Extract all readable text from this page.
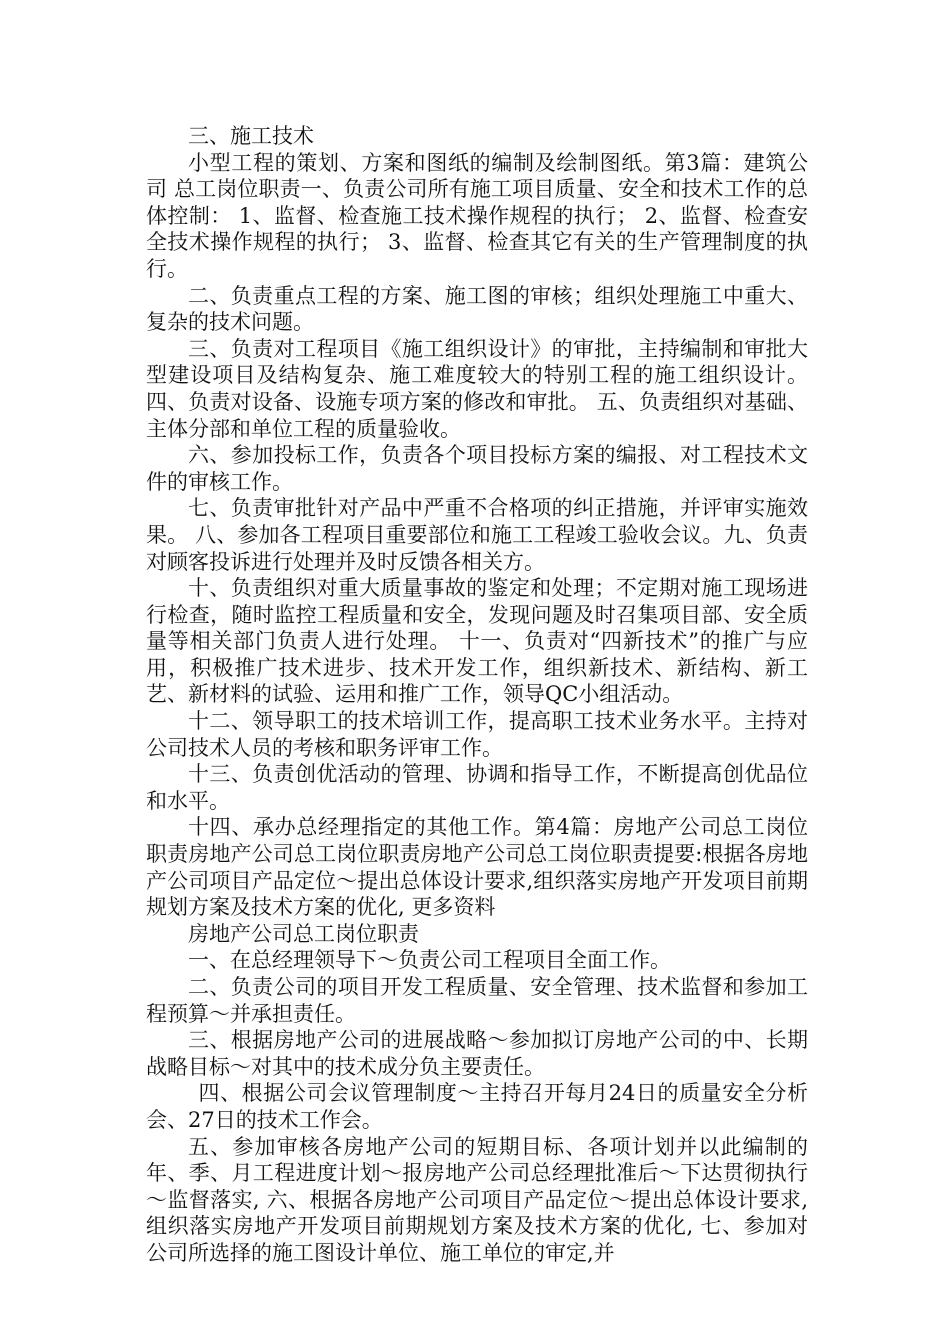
三、施工技术

小型工程的策划、方案和图纸的编制及绘制图纸。第3篇：建筑公司 总工岗位职责一、负责公司所有施工项目质量、安全和技术工作的总体控制： 1、监督、检查施工技术操作规程的执行； 2、监督、检查安全技术操作规程的执行； 3、监督、检查其它有关的生产管理制度的执行。

二、负责重点工程的方案、施工图的审核；组织处理施工中重大、复杂的技术问题。

三、负责对工程项目《施工组织设计》的审批，主持编制和审批大型建设项目及结构复杂、施工难度较大的特别工程的施工组织设计。 四、负责对设备、设施专项方案的修改和审批。 五、负责组织对基础、主体分部和单位工程的质量验收。

六、参加投标工作，负责各个项目投标方案的编报、对工程技术文件的审核工作。

七、负责审批针对产品中严重不合格项的纠正措施，并评审实施效果。 八、参加各工程项目重要部位和施工工程竣工验收会议。九、负责对顾客投诉进行处理并及时反馈各相关方。

十、负责组织对重大质量事故的鉴定和处理；不定期对施工现场进行检查，随时监控工程质量和安全，发现问题及时召集项目部、安全质量等相关部门负责人进行处理。 十一、负责对“四新技术”的推广与应用，积极推广技术进步、技术开发工作，组织新技术、新结构、新工艺、新材料的试验、运用和推广工作，领导QC小组活动。

十二、领导职工的技术培训工作，提高职工技术业务水平。主持对公司技术人员的考核和职务评审工作。

十三、负责创优活动的管理、协调和指导工作，不断提高创优品位和水平。

十四、承办总经理指定的其他工作。第4篇：房地产公司总工岗位职责房地产公司总工岗位职责房地产公司总工岗位职责提要:根据各房地产公司项目产品定位～提出总体设计要求,组织落实房地产开发项目前期规划方案及技术方案的优化, 更多资料

房地产公司总工岗位职责

一、在总经理领导下～负责公司工程项目全面工作。

二、负责公司的项目开发工程质量、安全管理、技术监督和参加工程预算～并承担责任。

三、根据房地产公司的进展战略～参加拟订房地产公司的中、长期战略目标～对其中的技术成分负主要责任。

四、根据公司会议管理制度～主持召开每月24日的质量安全分析会、27日的技术工作会。

五、参加审核各房地产公司的短期目标、各项计划并以此编制的年、季、月工程进度计划～报房地产公司总经理批准后～下达贯彻执行～监督落实, 六、根据各房地产公司项目产品定位～提出总体设计要求,组织落实房地产开发项目前期规划方案及技术方案的优化, 七、参加对公司所选择的施工图设计单位、施工单位的审定,并
